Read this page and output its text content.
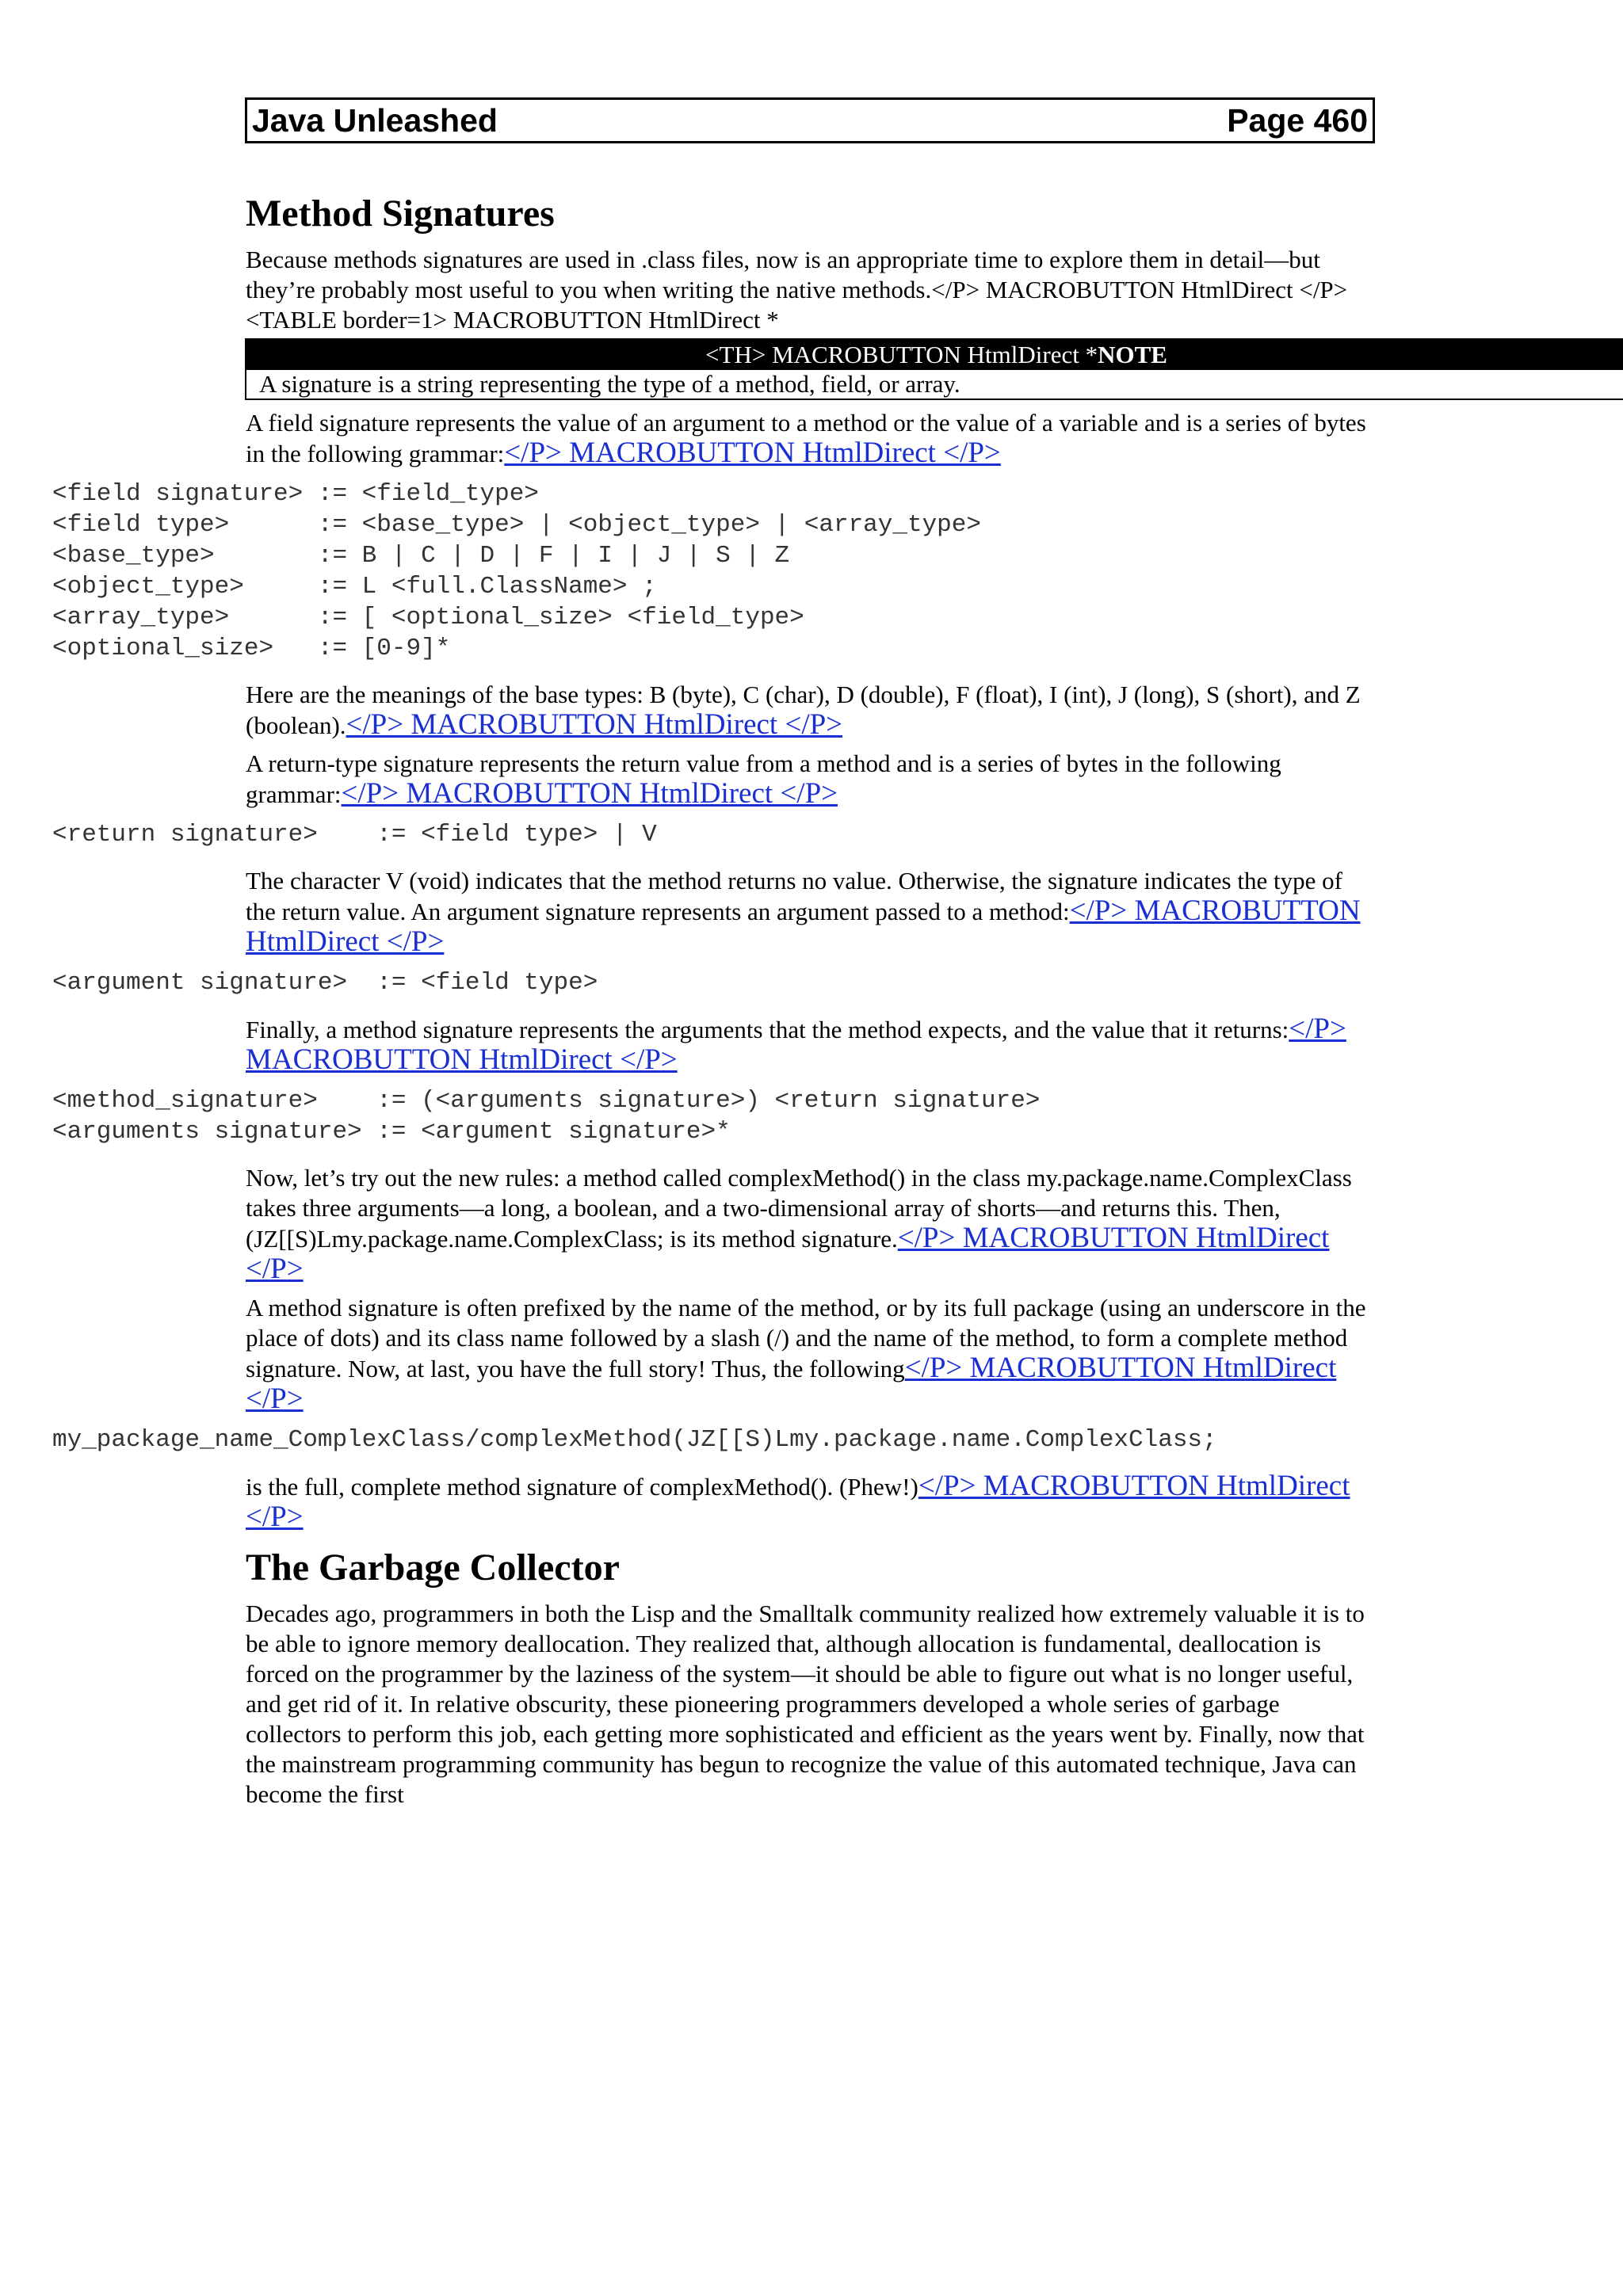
Java Unleashed	Page 460
Method Signatures

Because methods signatures are used in .class files, now is an appropriate time to explore them in detail—but they’re probably most useful to you when writing the native methods.</P> MACROBUTTON HtmlDirect </P><TABLE border=1> MACROBUTTON HtmlDirect *

<TH> MACROBUTTON HtmlDirect *NOTE
A signature is a string representing the type of a method, field, or array.

A field signature represents the value of an argument to a method or the value of a variable and is a series of bytes in the following grammar:</P> MACROBUTTON HtmlDirect </P>

<field signature> := <field_type>
<field type>      := <base_type> | <object_type> | <array_type>
<base_type>       := B | C | D | F | I | J | S | Z
<object_type>     := L <full.ClassName> ;
<array_type>      := [ <optional_size> <field_type>
<optional_size>   := [0-9]*

Here are the meanings of the base types: B (byte), C (char), D (double), F (float), I (int), J (long), S (short), and Z (boolean).</P> MACROBUTTON HtmlDirect </P>

A return-type signature represents the return value from a method and is a series of bytes in the following grammar:</P> MACROBUTTON HtmlDirect </P>

<return signature>    := <field type> | V

The character V (void) indicates that the method returns no value. Otherwise, the signature indicates the type of the return value. An argument signature represents an argument passed to a method:</P> MACROBUTTON HtmlDirect </P>

<argument signature>  := <field type>

Finally, a method signature represents the arguments that the method expects, and the value that it returns:</P> MACROBUTTON HtmlDirect </P>

<method_signature>    := (<arguments signature>) <return signature>
<arguments signature> := <argument signature>*

Now, let’s try out the new rules: a method called complexMethod() in the class my.package.name.ComplexClass takes three arguments—a long, a boolean, and a two-dimensional array of shorts—and returns this. Then, (JZ[[S)Lmy.package.name.ComplexClass; is its method signature.</P> MACROBUTTON HtmlDirect </P>

A method signature is often prefixed by the name of the method, or by its full package (using an underscore in the place of dots) and its class name followed by a slash (/) and the name of the method, to form a complete method signature. Now, at last, you have the full story! Thus, the following</P> MACROBUTTON HtmlDirect </P>

my_package_name_ComplexClass/complexMethod(JZ[[S)Lmy.package.name.ComplexClass;

is the full, complete method signature of complexMethod(). (Phew!)</P> MACROBUTTON HtmlDirect </P>

The Garbage Collector

Decades ago, programmers in both the Lisp and the Smalltalk community realized how extremely valuable it is to be able to ignore memory deallocation. They realized that, although allocation is fundamental, deallocation is forced on the programmer by the laziness of the system—it should be able to figure out what is no longer useful, and get rid of it. In relative obscurity, these pioneering programmers developed a whole series of garbage collectors to perform this job, each getting more sophisticated and efficient as the years went by. Finally, now that the mainstream programming community has begun to recognize the value of this automated technique, Java can become the first
